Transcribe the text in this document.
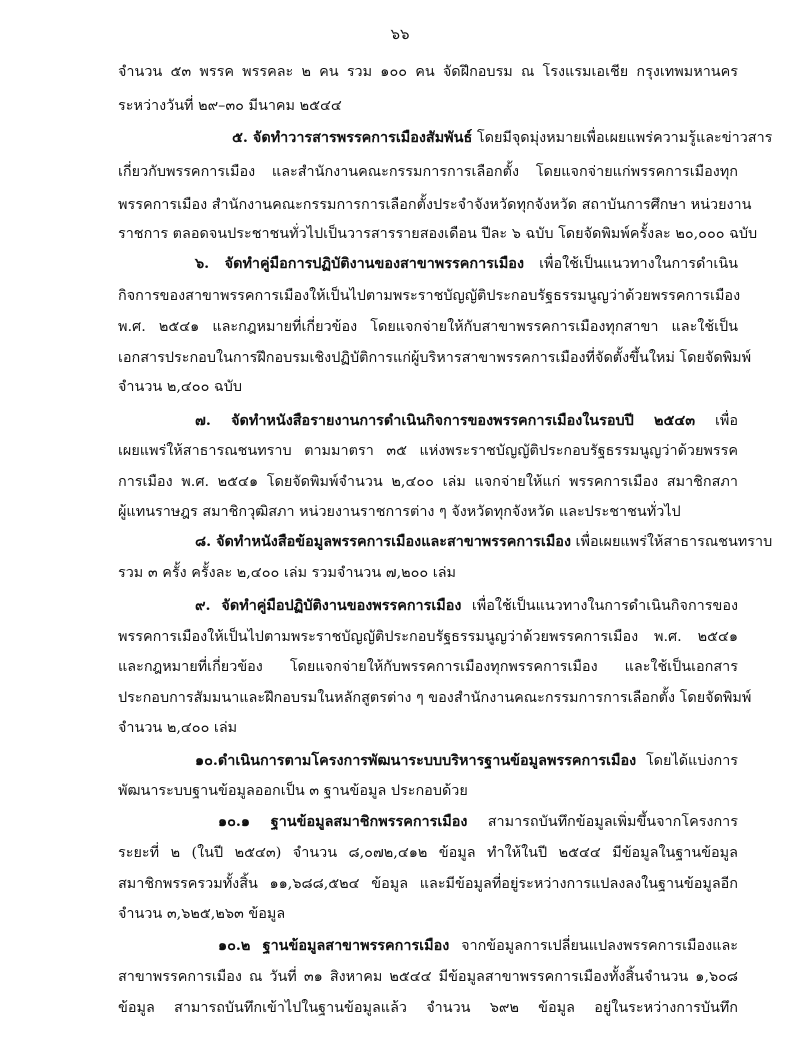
๖๖
จำนวน ๕๓ พรรค พรรคละ ๒ คน รวม ๑๐๐ คน จัดฝึกอบรม ณ โรงแรมเอเชีย กรุงเทพมหานคร
ระหว่างวันที่ ๒๙–๓๐ มีนาคม ๒๕๔๔
๕. จัดทำวารสารพรรคการเมืองสัมพันธ์ โดยมีจุดมุ่งหมายเพื่อเผยแพร่ความรู้และข่าวสาร
เกี่ยวกับพรรคการเมือง และสำนักงานคณะกรรมการการเลือกตั้ง โดยแจกจ่ายแก่พรรคการเมืองทุก
พรรคการเมือง สำนักงานคณะกรรมการการเลือกตั้งประจำจังหวัดทุกจังหวัด สถาบันการศึกษา หน่วยงาน
ราชการ ตลอดจนประชาชนทั่วไปเป็นวารสารรายสองเดือน ปีละ ๖ ฉบับ โดยจัดพิมพ์ครั้งละ ๒๐,๐๐๐ ฉบับ
๖. จัดทำคู่มือการปฏิบัติงานของสาขาพรรคการเมือง เพื่อใช้เป็นแนวทางในการดำเนิน
กิจการของสาขาพรรคการเมืองให้เป็นไปตามพระราชบัญญัติประกอบรัฐธรรมนูญว่าด้วยพรรคการเมือง
พ.ศ. ๒๕๔๑ และกฎหมายที่เกี่ยวข้อง โดยแจกจ่ายให้กับสาขาพรรคการเมืองทุกสาขา และใช้เป็น
เอกสารประกอบในการฝึกอบรมเชิงปฏิบัติการแก่ผู้บริหารสาขาพรรคการเมืองที่จัดตั้งขึ้นใหม่ โดยจัดพิมพ์
จำนวน ๒,๔๐๐ ฉบับ
๗. จัดทำหนังสือรายงานการดำเนินกิจการของพรรคการเมืองในรอบปี ๒๕๔๓ เพื่อ
เผยแพร่ให้สาธารณชนทราบ ตามมาตรา ๓๕ แห่งพระราชบัญญัติประกอบรัฐธรรมนูญว่าด้วยพรรค
การเมือง พ.ศ. ๒๕๔๑ โดยจัดพิมพ์จำนวน ๒,๔๐๐ เล่ม แจกจ่ายให้แก่ พรรคการเมือง สมาชิกสภา
ผู้แทนราษฎร สมาชิกวุฒิสภา หน่วยงานราชการต่าง ๆ จังหวัดทุกจังหวัด และประชาชนทั่วไป
๘. จัดทำหนังสือข้อมูลพรรคการเมืองและสาขาพรรคการเมือง เพื่อเผยแพร่ให้สาธารณชนทราบ
รวม ๓ ครั้ง ครั้งละ ๒,๔๐๐ เล่ม รวมจำนวน ๗,๒๐๐ เล่ม
๙. จัดทำคู่มือปฏิบัติงานของพรรคการเมือง เพื่อใช้เป็นแนวทางในการดำเนินกิจการของ
พรรคการเมืองให้เป็นไปตามพระราชบัญญัติประกอบรัฐธรรมนูญว่าด้วยพรรคการเมือง พ.ศ. ๒๕๔๑
และกฎหมายที่เกี่ยวข้อง โดยแจกจ่ายให้กับพรรคการเมืองทุกพรรคการเมือง และใช้เป็นเอกสาร
ประกอบการสัมมนาและฝึกอบรมในหลักสูตรต่าง ๆ ของสำนักงานคณะกรรมการการเลือกตั้ง โดยจัดพิมพ์
จำนวน ๒,๔๐๐ เล่ม
๑๐.ดำเนินการตามโครงการพัฒนาระบบบริหารฐานข้อมูลพรรคการเมือง โดยได้แบ่งการ
พัฒนาระบบฐานข้อมูลออกเป็น ๓ ฐานข้อมูล ประกอบด้วย
๑๐.๑ ฐานข้อมูลสมาชิกพรรคการเมือง สามารถบันทึกข้อมูลเพิ่มขึ้นจากโครงการ
ระยะที่ ๒ (ในปี ๒๕๔๓) จำนวน ๘,๐๗๒,๔๑๒ ข้อมูล ทำให้ในปี ๒๕๔๔ มีข้อมูลในฐานข้อมูล
สมาชิกพรรครวมทั้งสิ้น ๑๑,๖๘๘,๕๒๔ ข้อมูล และมีข้อมูลที่อยู่ระหว่างการแปลงลงในฐานข้อมูลอีก
จำนวน ๓,๖๒๕,๒๖๓ ข้อมูล
๑๐.๒ ฐานข้อมูลสาขาพรรคการเมือง จากข้อมูลการเปลี่ยนแปลงพรรคการเมืองและ
สาขาพรรคการเมือง ณ วันที่ ๓๑ สิงหาคม ๒๕๔๔ มีข้อมูลสาขาพรรคการเมืองทั้งสิ้นจำนวน ๑,๖๐๘
ข้อมูล สามารถบันทึกเข้าไปในฐานข้อมูลแล้ว จำนวน ๖๙๒ ข้อมูล อยู่ในระหว่างการบันทึก
